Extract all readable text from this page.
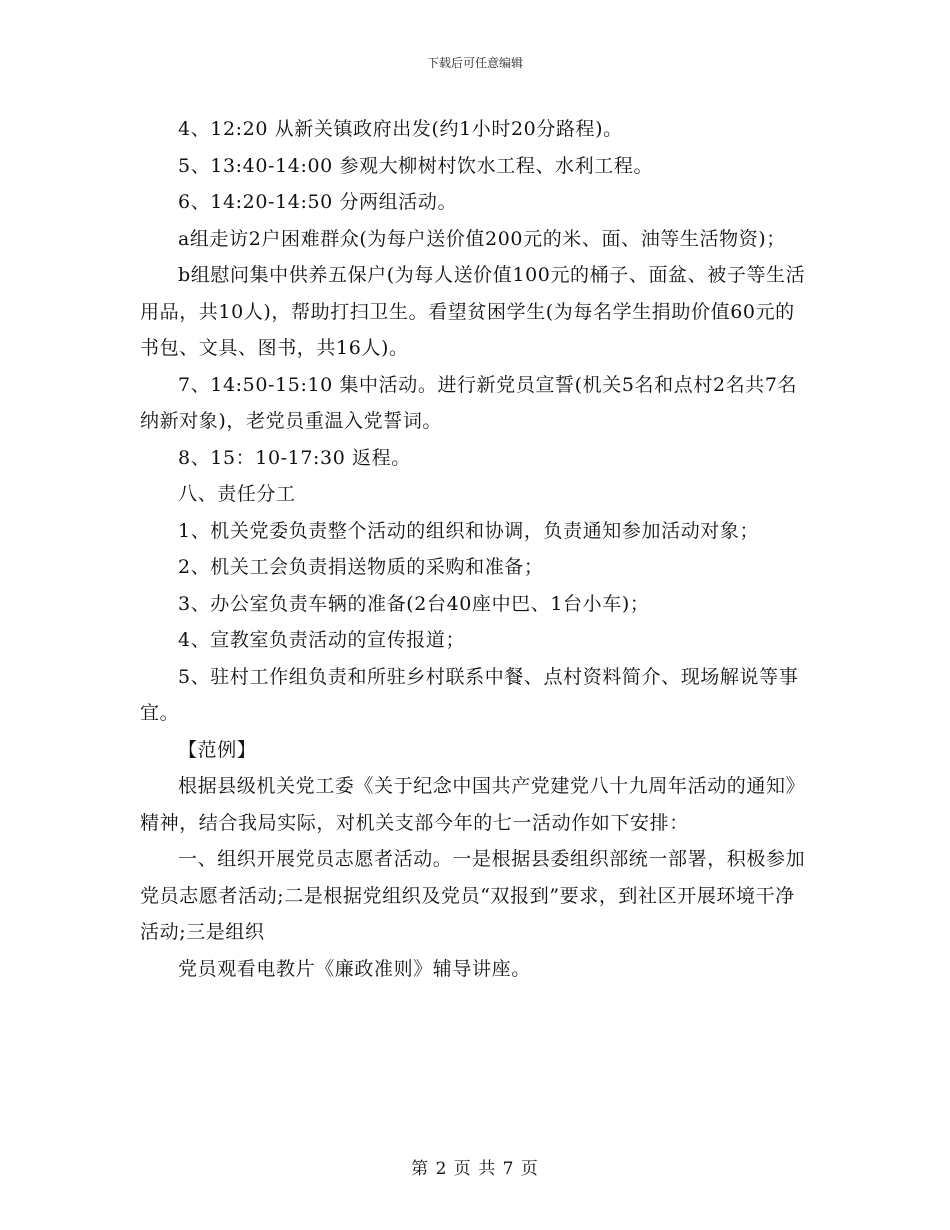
下载后可任意编辑

4、12:20 从新关镇政府出发(约1小时20分路程)。

5、13:40-14:00 参观大柳树村饮水工程、水利工程。

6、14:20-14:50 分两组活动。

a组走访2户困难群众(为每户送价值200元的米、面、油等生活物资)；

b组慰问集中供养五保户(为每人送价值100元的桶子、面盆、被子等生活用品，共10人)，帮助打扫卫生。看望贫困学生(为每名学生捐助价值60元的书包、文具、图书，共16人)。

7、14:50-15:10 集中活动。进行新党员宣誓(机关5名和点村2名共7名纳新对象)，老党员重温入党誓词。

8、15：10-17:30 返程。

八、责任分工

1、机关党委负责整个活动的组织和协调，负责通知参加活动对象；

2、机关工会负责捐送物质的采购和准备；

3、办公室负责车辆的准备(2台40座中巴、1台小车)；

4、宣教室负责活动的宣传报道；

5、驻村工作组负责和所驻乡村联系中餐、点村资料简介、现场解说等事宜。

【范例】

根据县级机关党工委《关于纪念中国共产党建党八十九周年活动的通知》精神，结合我局实际，对机关支部今年的七一活动作如下安排：

一、组织开展党员志愿者活动。一是根据县委组织部统一部署，积极参加党员志愿者活动;二是根据党组织及党员“双报到”要求，到社区开展环境干净活动;三是组织

党员观看电教片《廉政准则》辅导讲座。

第 2 页 共 7 页
